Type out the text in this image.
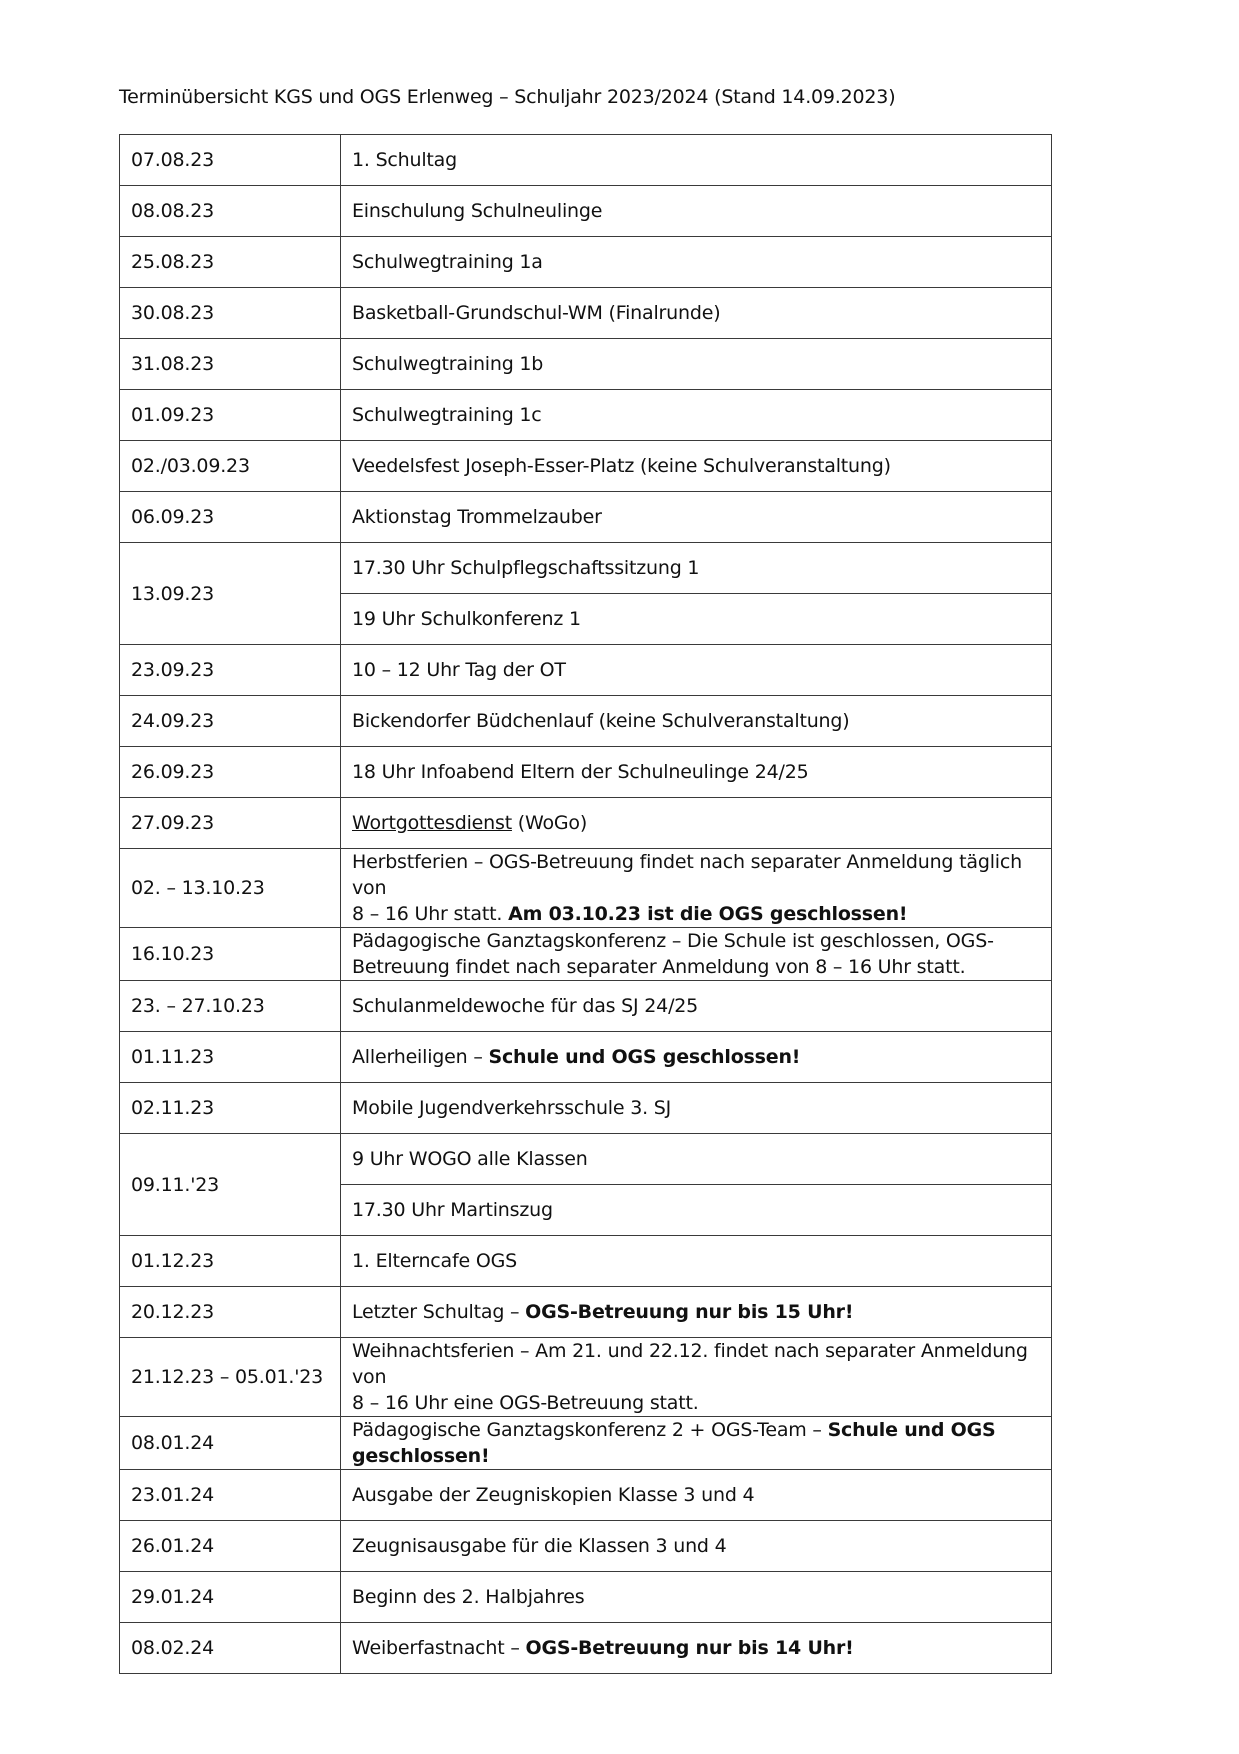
Terminübersicht KGS und OGS Erlenweg – Schuljahr 2023/2024 (Stand 14.09.2023)
07.08.23	1. Schultag
08.08.23	Einschulung Schulneulinge
25.08.23	Schulwegtraining 1a
30.08.23	Basketball-Grundschul-WM (Finalrunde)
31.08.23	Schulwegtraining 1b
01.09.23	Schulwegtraining 1c
02./03.09.23	Veedelsfest Joseph-Esser-Platz (keine Schulveranstaltung)
06.09.23	Aktionstag Trommelzauber
13.09.23	17.30 Uhr Schulpflegschaftssitzung 1
	19 Uhr Schulkonferenz 1
23.09.23	10 – 12 Uhr Tag der OT
24.09.23	Bickendorfer Büdchenlauf (keine Schulveranstaltung)
26.09.23	18 Uhr Infoabend Eltern der Schulneulinge 24/25
27.09.23	Wortgottesdienst (WoGo)
02. – 13.10.23	Herbstferien – OGS-Betreuung findet nach separater Anmeldung täglich von
8 – 16 Uhr statt. Am 03.10.23 ist die OGS geschlossen!

16.10.23	Pädagogische Ganztagskonferenz – Die Schule ist geschlossen, OGS-
Betreuung findet nach separater Anmeldung von 8 – 16 Uhr statt.

23. – 27.10.23	Schulanmeldewoche für das SJ 24/25
01.11.23	Allerheiligen – Schule und OGS geschlossen!
02.11.23	Mobile Jugendverkehrsschule 3. SJ
09.11.'23	9 Uhr WOGO alle Klassen
	17.30 Uhr Martinszug
01.12.23	1. Elterncafe OGS
20.12.23	Letzter Schultag – OGS-Betreuung nur bis 15 Uhr!
21.12.23 – 05.01.'23	Weihnachtsferien – Am 21. und 22.12. findet nach separater Anmeldung von
8 – 16 Uhr eine OGS-Betreuung statt.

08.01.24	Pädagogische Ganztagskonferenz 2 + OGS-Team – Schule und OGS
geschlossen!

23.01.24	Ausgabe der Zeugniskopien Klasse 3 und 4
26.01.24	Zeugnisausgabe für die Klassen 3 und 4
29.01.24	Beginn des 2. Halbjahres
08.02.24	Weiberfastnacht – OGS-Betreuung nur bis 14 Uhr!
